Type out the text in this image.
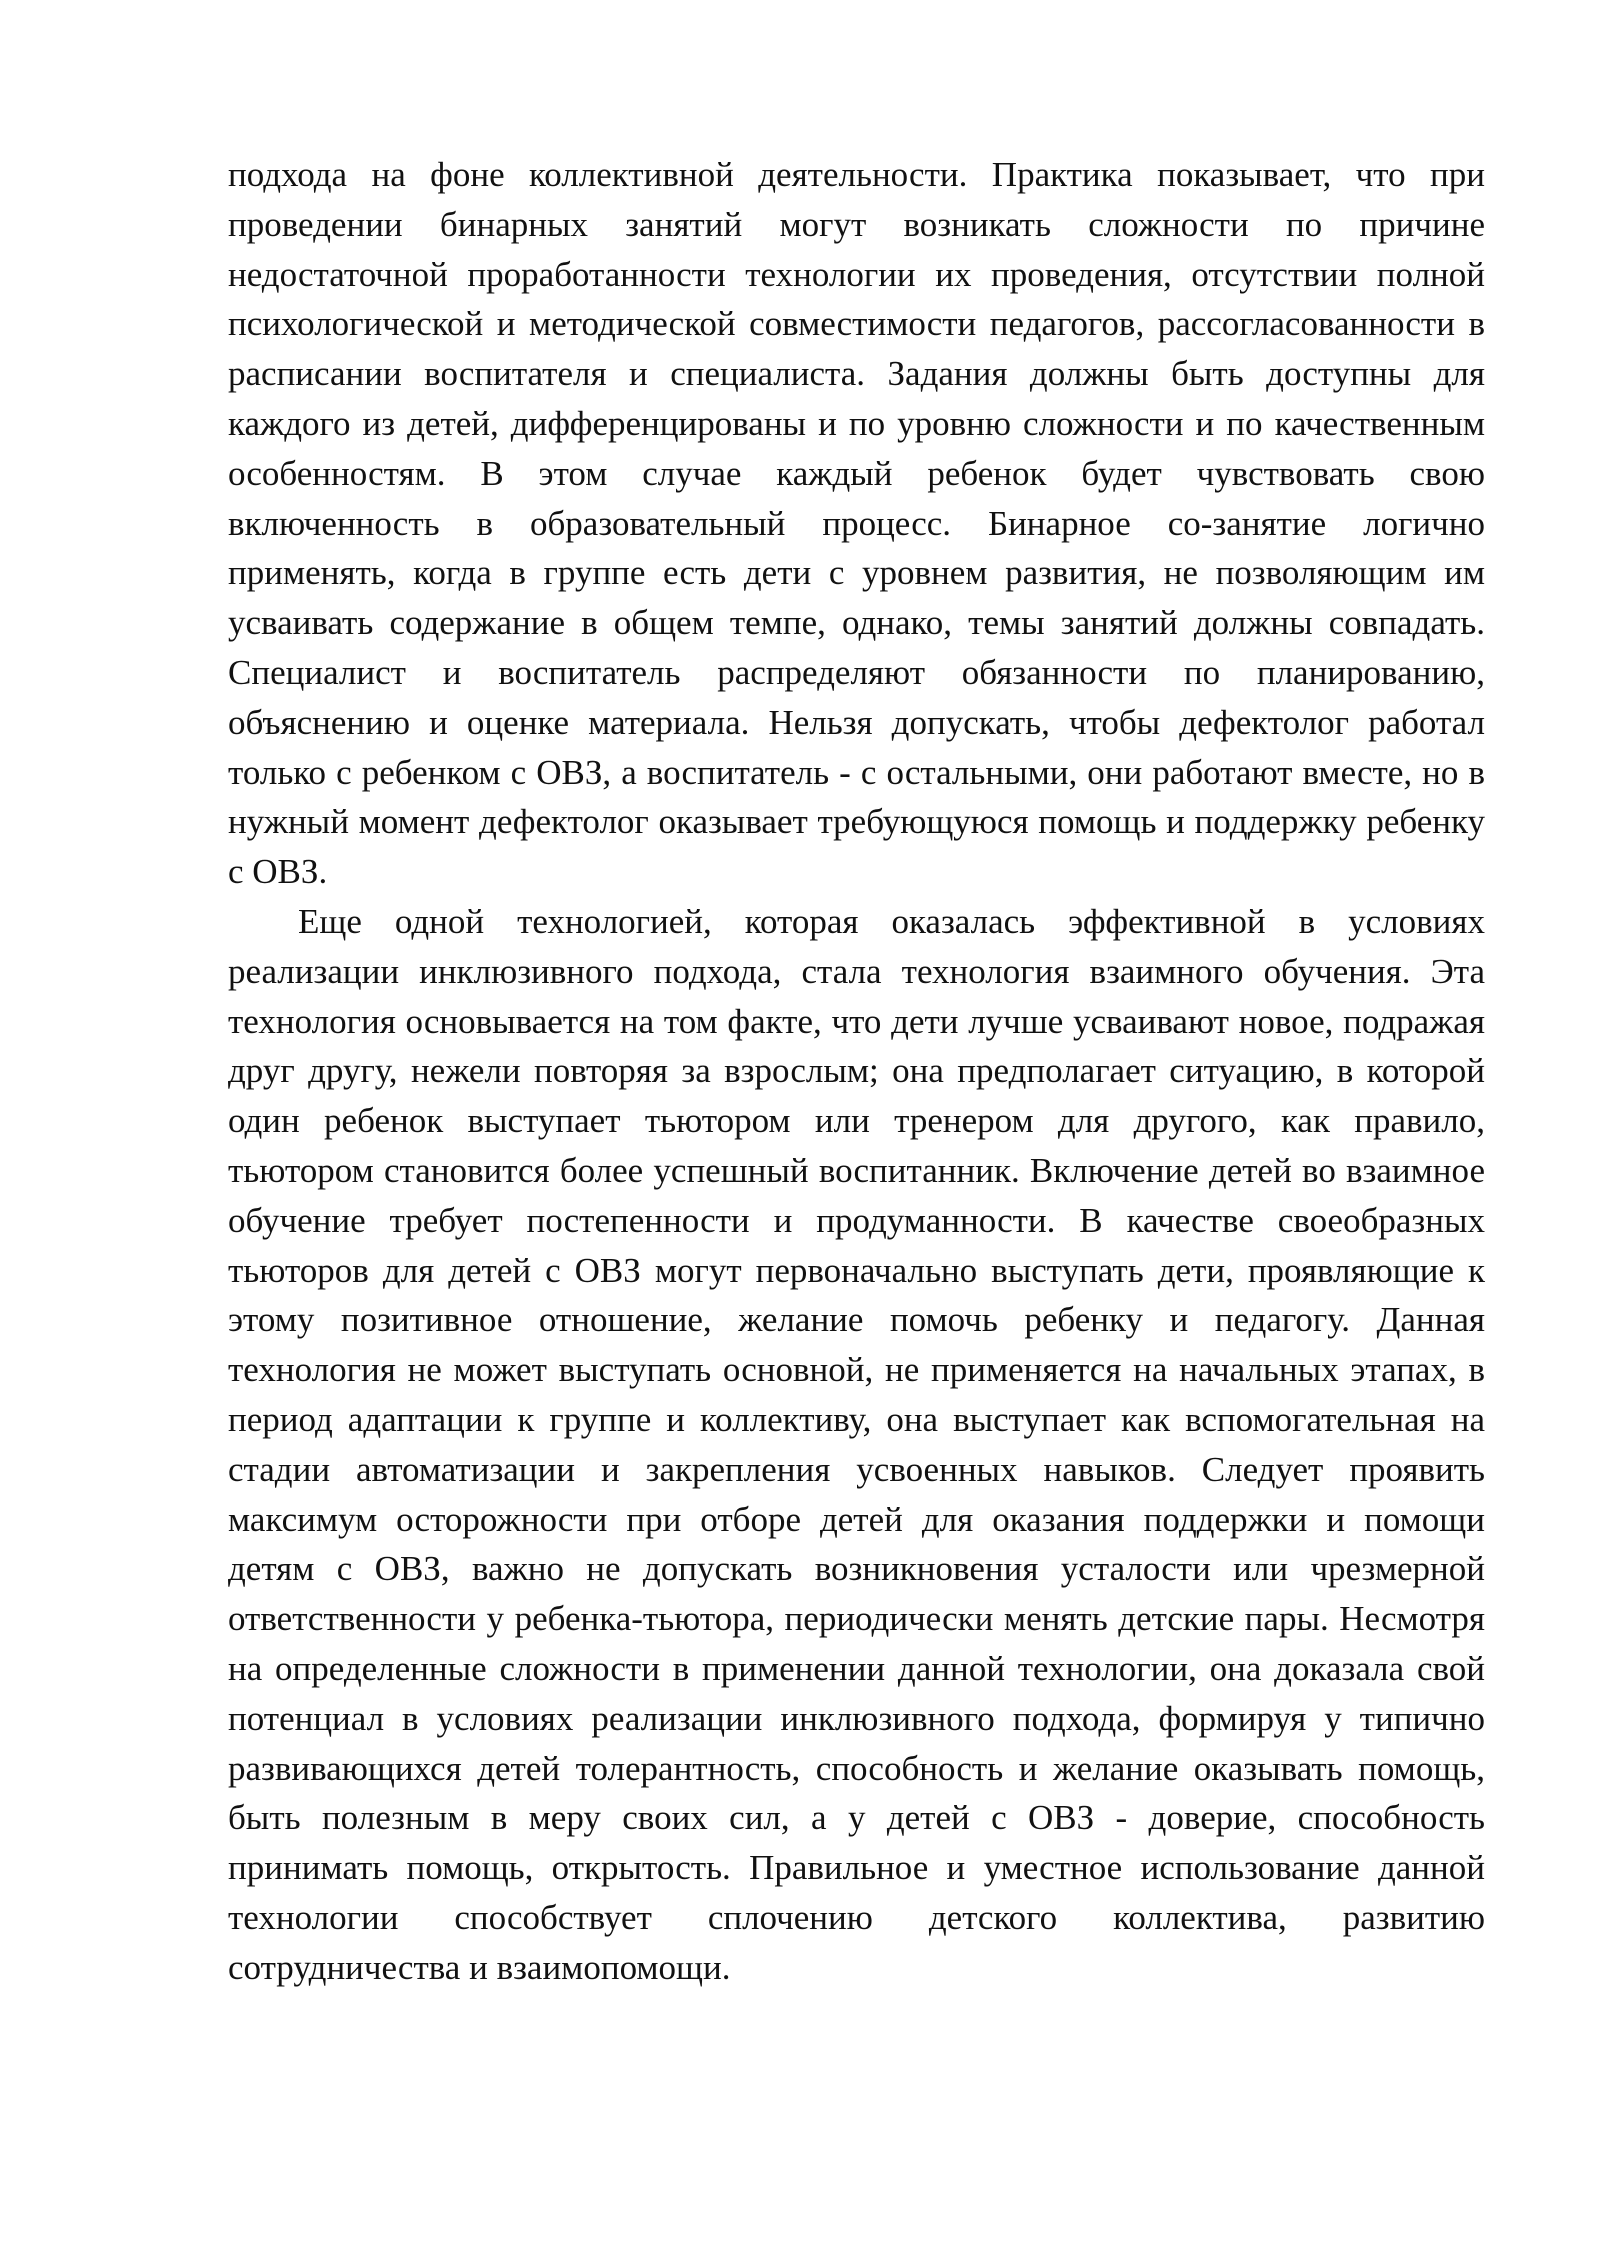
подхода на фоне коллективной деятельности. Практика показывает, что при проведении бинарных занятий могут возникать сложности по причине недостаточной проработанности технологии их проведения, отсутствии полной психологической и методической совместимости педагогов, рассогласованности в расписании воспитателя и специалиста. Задания должны быть доступны для каждого из детей, дифференцированы и по уровню сложности и по качественным особенностям. В этом случае каждый ребенок будет чувствовать свою включенность в образовательный процесс. Бинарное со-занятие логично применять, когда в группе есть дети с уровнем развития, не позволяющим им усваивать содержание в общем темпе, однако, темы занятий должны совпадать. Специалист и воспитатель распределяют обязанности по планированию, объяснению и оценке материала. Нельзя допускать, чтобы дефектолог работал только с ребенком с ОВЗ, а воспитатель - с остальными, они работают вместе, но в нужный момент дефектолог оказывает требующуюся помощь и поддержку ребенку с ОВЗ.

Еще одной технологией, которая оказалась эффективной в условиях реализации инклюзивного подхода, стала технология взаимного обучения. Эта технология основывается на том факте, что дети лучше усваивают новое, подражая друг другу, нежели повторяя за взрослым; она предполагает ситуацию, в которой один ребенок выступает тьютором или тренером для другого, как правило, тьютором становится более успешный воспитанник. Включение детей во взаимное обучение требует постепенности и продуманности. В качестве своеобразных тьюторов для детей с ОВЗ могут первоначально выступать дети, проявляющие к этому позитивное отношение, желание помочь ребенку и педагогу. Данная технология не может выступать основной, не применяется на начальных этапах, в период адаптации к группе и коллективу, она выступает как вспомогательная на стадии автоматизации и закрепления усвоенных навыков. Следует проявить максимум осторожности при отборе детей для оказания поддержки и помощи детям с ОВЗ, важно не допускать возникновения усталости или чрезмерной ответственности у ребенка-тьютора, периодически менять детские пары. Несмотря на определенные сложности в применении данной технологии, она доказала свой потенциал в условиях реализации инклюзивного подхода, формируя у типично развивающихся детей толерантность, способность и желание оказывать помощь, быть полезным в меру своих сил, а у детей с ОВЗ - доверие, способность принимать помощь, открытость. Правильное и уместное использование данной технологии способствует сплочению детского коллектива, развитию сотрудничества и взаимопомощи.
